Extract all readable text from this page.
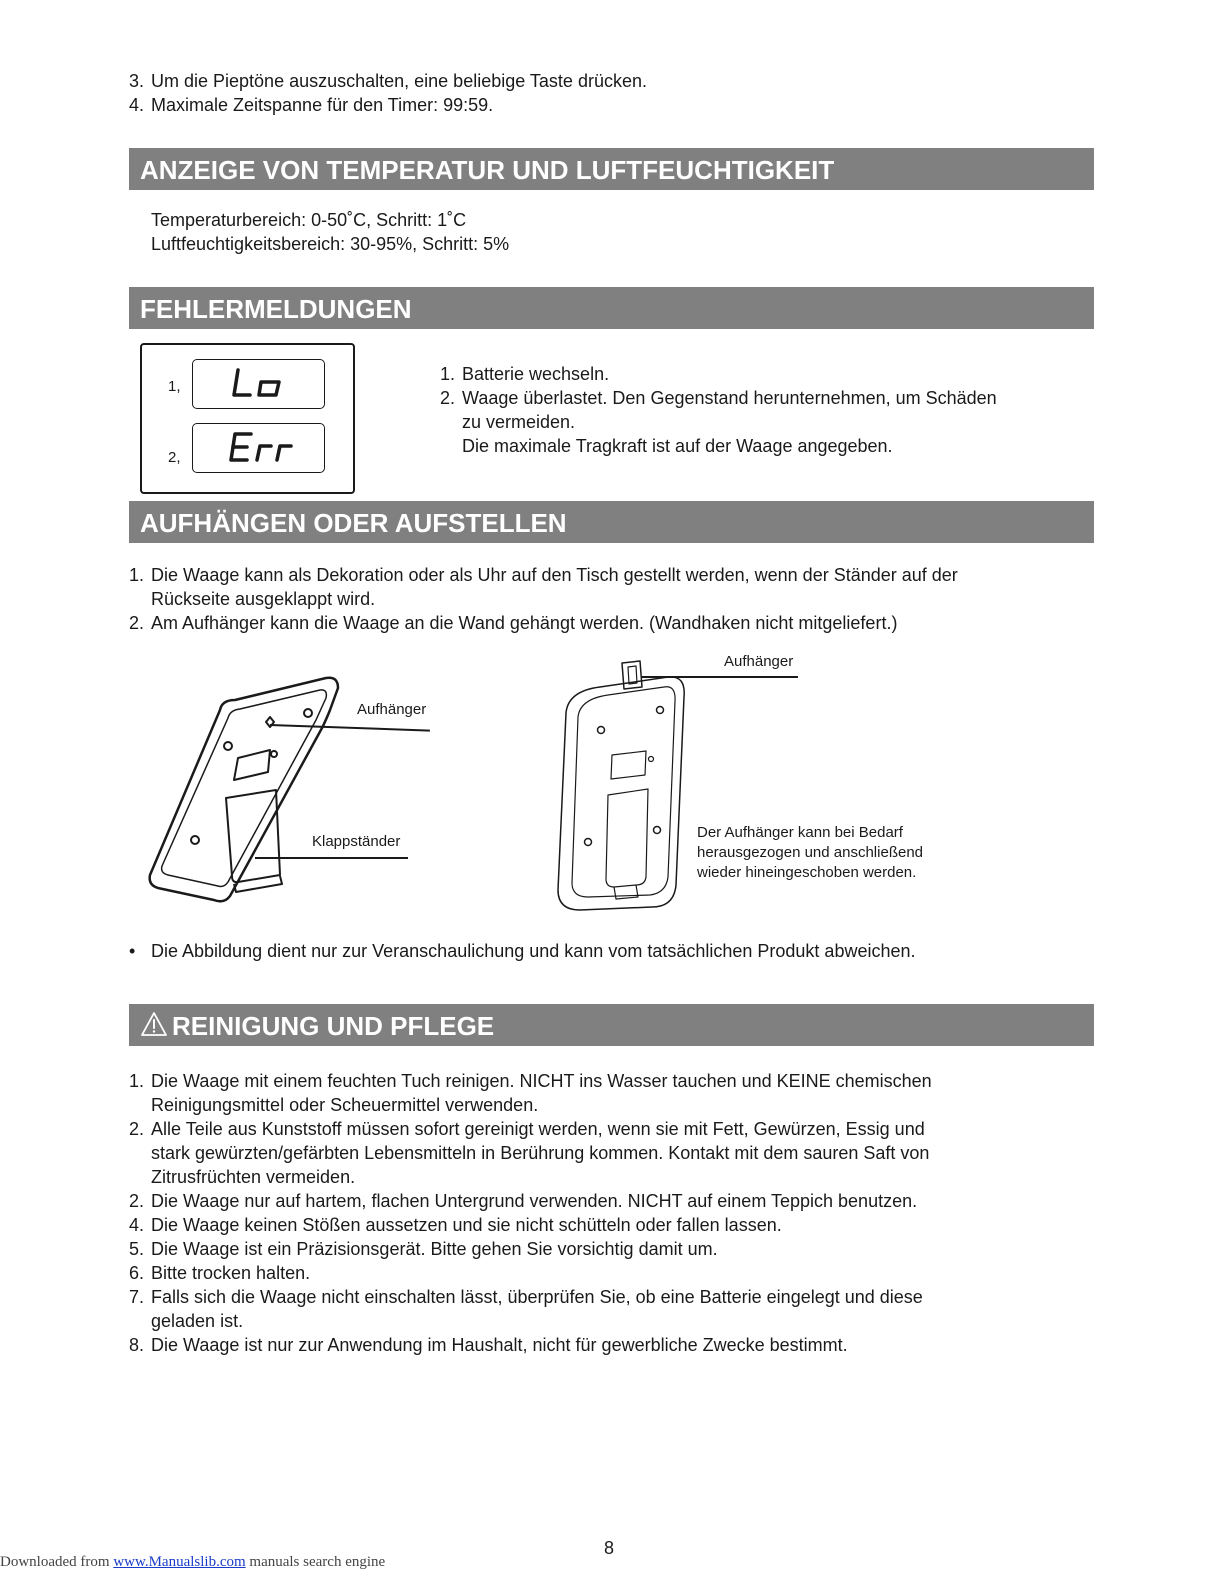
3. Um die Pieptöne auszuschalten, eine beliebige Taste drücken.
4. Maximale Zeitspanne für den Timer: 99:59.
ANZEIGE VON TEMPERATUR UND LUFTFEUCHTIGKEIT
Temperaturbereich: 0-50˚C, Schritt: 1˚C
Luftfeuchtigkeitsbereich: 30-95%, Schritt: 5%
FEHLERMELDUNGEN
1,
2,
1. Batterie wechseln.
2. Waage überlastet. Den Gegenstand herunternehmen, um Schäden
zu vermeiden.
Die maximale Tragkraft ist auf der Waage angegeben.
AUFHÄNGEN ODER AUFSTELLEN
1. Die Waage kann als Dekoration oder als Uhr auf den Tisch gestellt werden, wenn der Ständer auf der
Rückseite ausgeklappt wird.
2. Am Aufhänger kann die Waage an die Wand gehängt werden. (Wandhaken nicht mitgeliefert.)
Aufhänger
Klappständer
Aufhänger
Der Aufhänger kann bei Bedarf
herausgezogen und anschließend
wieder hineingeschoben werden.
• Die Abbildung dient nur zur Veranschaulichung und kann vom tatsächlichen Produkt abweichen.
REINIGUNG UND PFLEGE
1. Die Waage mit einem feuchten Tuch reinigen. NICHT ins Wasser tauchen und KEINE chemischen
Reinigungsmittel oder Scheuermittel verwenden.
2. Alle Teile aus Kunststoff müssen sofort gereinigt werden, wenn sie mit Fett, Gewürzen, Essig und
stark gewürzten/gefärbten Lebensmitteln in Berührung kommen. Kontakt mit dem sauren Saft von
Zitrusfrüchten vermeiden.
2. Die Waage nur auf hartem, flachen Untergrund verwenden. NICHT auf einem Teppich benutzen.
4. Die Waage keinen Stößen aussetzen und sie nicht schütteln oder fallen lassen.
5. Die Waage ist ein Präzisionsgerät. Bitte gehen Sie vorsichtig damit um.
6. Bitte trocken halten.
7. Falls sich die Waage nicht einschalten lässt, überprüfen Sie, ob eine Batterie eingelegt und diese
geladen ist.
8. Die Waage ist nur zur Anwendung im Haushalt, nicht für gewerbliche Zwecke bestimmt.
8
Downloaded from www.Manualslib.com manuals search engine
